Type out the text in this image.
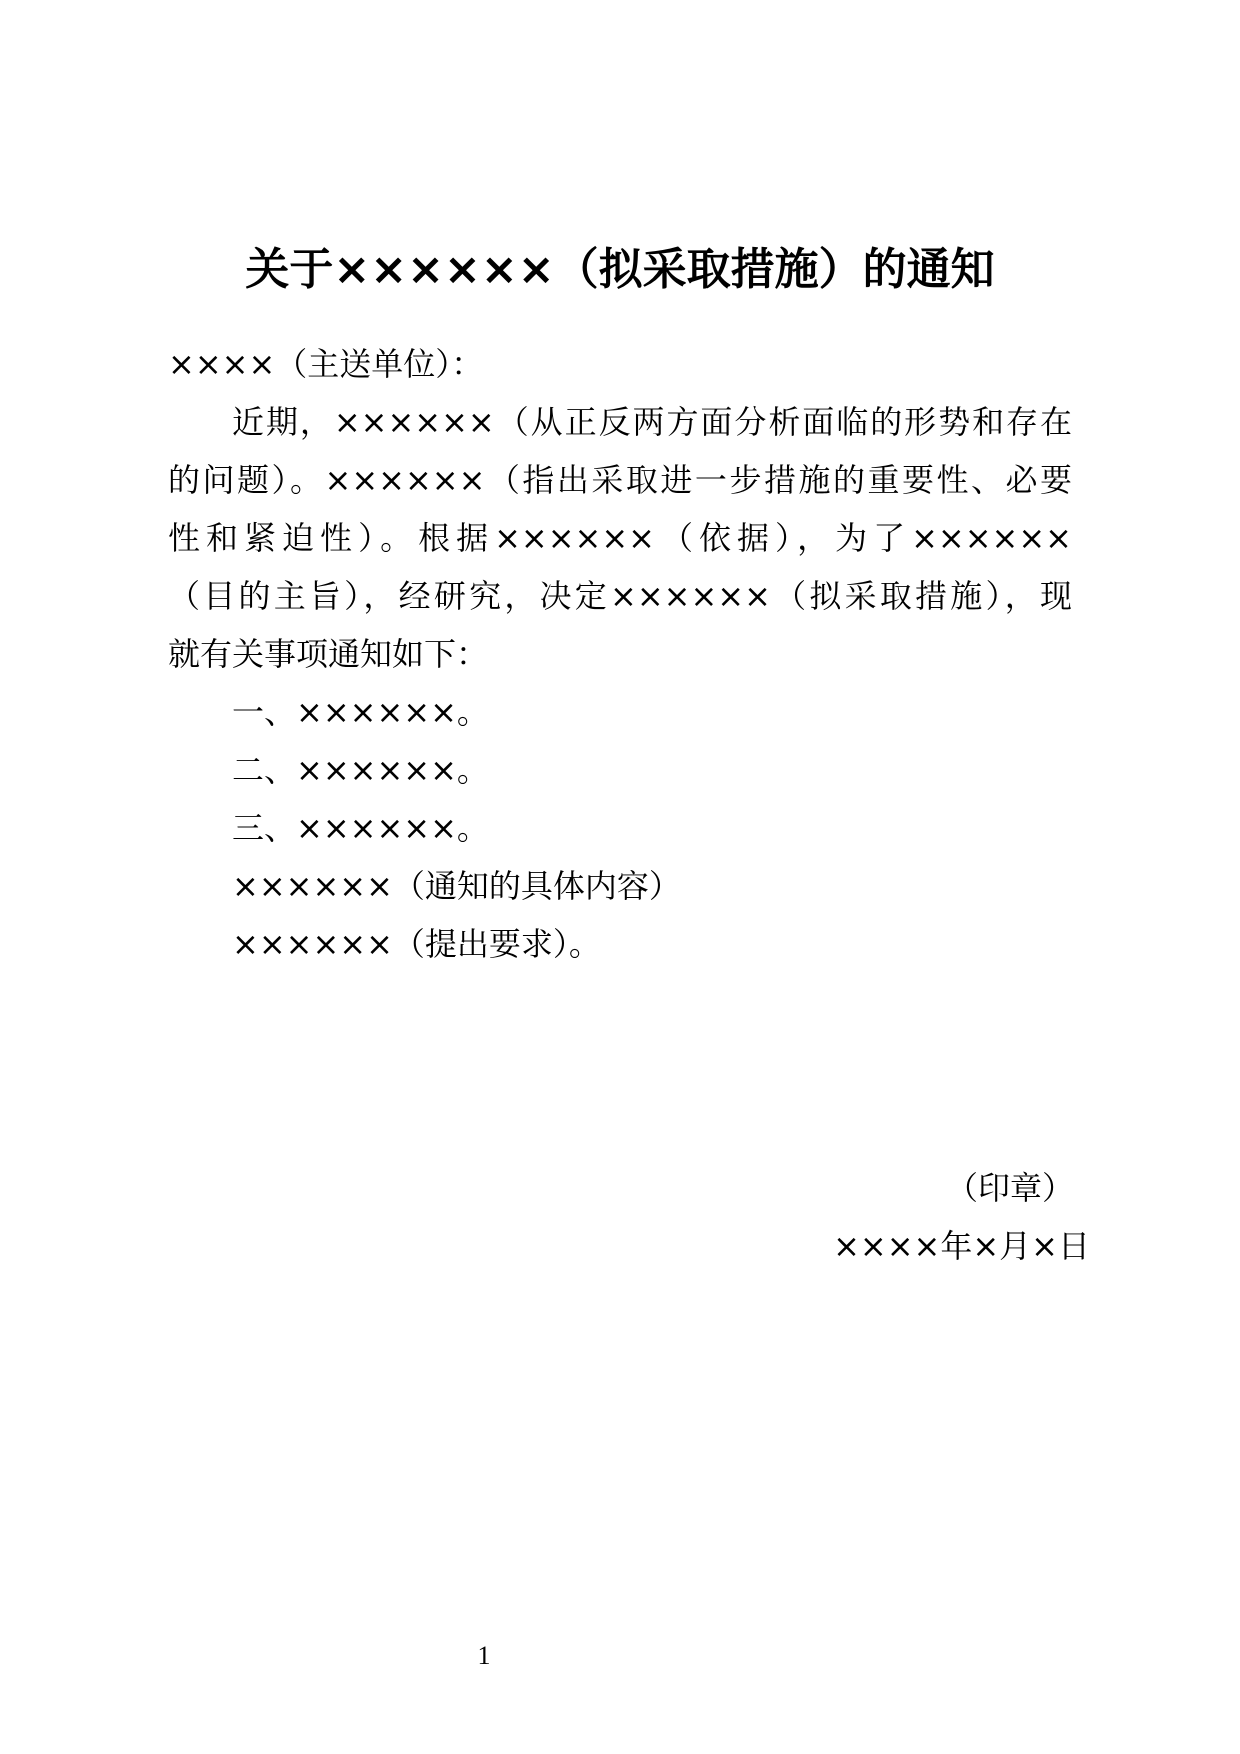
关于××××××（拟采取措施）的通知
××××（主送单位）：
近期，××××××（从正反两方面分析面临的形势和存在
的问题）。××××××（指出采取进一步措施的重要性、必要
性和紧迫性）。根据××××××（依据），为了××××××
（目的主旨），经研究，决定××××××（拟采取措施），现
就有关事项通知如下：
一、××××××。
二、××××××。
三、××××××。
××××××（通知的具体内容）
××××××（提出要求）。
（印章）
××××年×月×日
1
